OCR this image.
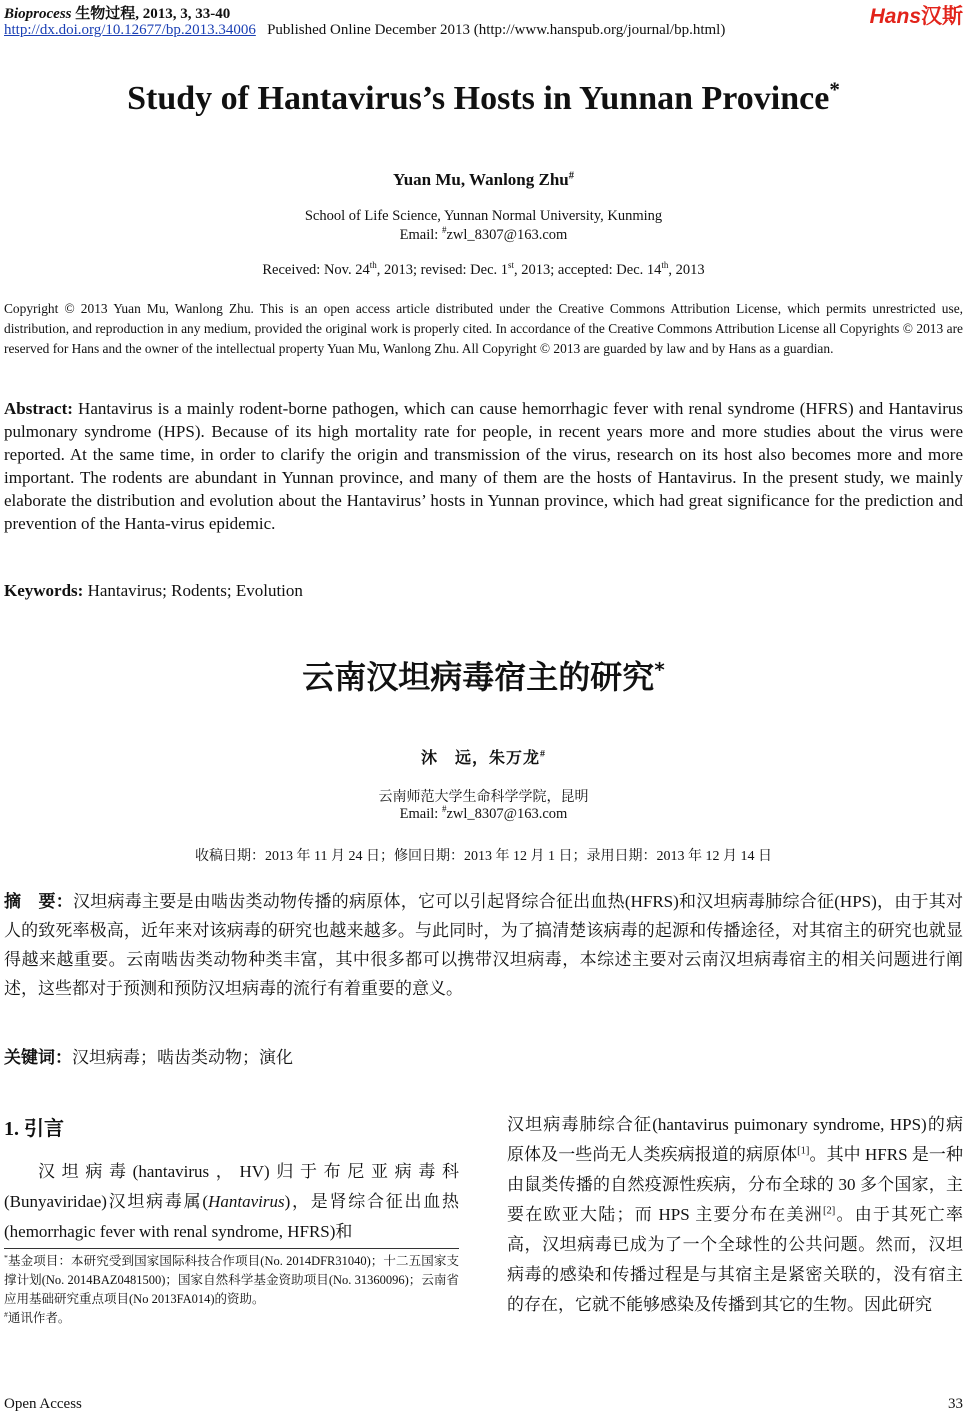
Bioprocess 生物过程, 2013, 3, 33-40
http://dx.doi.org/10.12677/bp.2013.34006 Published Online December 2013 (http://www.hanspub.org/journal/bp.html)
Hans汉斯
Study of Hantavirus’s Hosts in Yunnan Province*
Yuan Mu, Wanlong Zhu#
School of Life Science, Yunnan Normal University, Kunming
Email: #zwl_8307@163.com
Received: Nov. 24th, 2013; revised: Dec. 1st, 2013; accepted: Dec. 14th, 2013
Copyright © 2013 Yuan Mu, Wanlong Zhu. This is an open access article distributed under the Creative Commons Attribution License, which permits unrestricted use, distribution, and reproduction in any medium, provided the original work is properly cited. In accordance of the Creative Commons Attribution License all Copyrights © 2013 are reserved for Hans and the owner of the intellectual property Yuan Mu, Wanlong Zhu. All Copyright © 2013 are guarded by law and by Hans as a guardian.
Abstract: Hantavirus is a mainly rodent-borne pathogen, which can cause hemorrhagic fever with renal syndrome (HFRS) and Hantavirus pulmonary syndrome (HPS). Because of its high mortality rate for people, in recent years more and more studies about the virus were reported. At the same time, in order to clarify the origin and transmission of the virus, research on its host also becomes more and more important. The rodents are abundant in Yunnan province, and many of them are the hosts of Hantavirus. In the present study, we mainly elaborate the distribution and evolution about the Hantavirus’ hosts in Yunnan province, which had great significance for the prediction and prevention of the Hanta-virus epidemic.
Keywords: Hantavirus; Rodents; Evolution
云南汉坦病毒宿主的研究*
沐　远，朱万龙#
云南师范大学生命科学学院，昆明
Email: #zwl_8307@163.com
收稿日期：2013 年 11 月 24 日；修回日期：2013 年 12 月 1 日；录用日期：2013 年 12 月 14 日
摘　要：汉坦病毒主要是由啮齿类动物传播的病原体，它可以引起肾综合征出血热(HFRS)和汉坦病毒肺综合征(HPS)，由于其对人的致死率极高，近年来对该病毒的研究也越来越多。与此同时，为了搞清楚该病毒的起源和传播途径，对其宿主的研究也就显得越来越重要。云南啮齿类动物种类丰富，其中很多都可以携带汉坦病毒，本综述主要对云南汉坦病毒宿主的相关问题进行阐述，这些都对于预测和预防汉坦病毒的流行有着重要的意义。
关键词：汉坦病毒；啮齿类动物；演化
1. 引言
汉坦病毒(hantavirus，HV)归于布尼亚病毒科(Bunyaviridae)汉坦病毒属(Hantavirus)，是肾综合征出血热(hemorrhagic fever with renal syndrome, HFRS)和
*基金项目：本研究受到国家国际科技合作项目(No. 2014DFR31040)；十二五国家支撑计划(No. 2014BAZ0481500)；国家自然科学基金资助项目(No. 31360096)；云南省应用基础研究重点项目(No 2013FA014)的资助。
#通讯作者。
汉坦病毒肺综合征(hantavirus puimonary syndrome, HPS)的病原体及一些尚无人类疾病报道的病原体[1]。其中 HFRS 是一种由鼠类传播的自然疫源性疾病，分布全球的 30 多个国家，主要在欧亚大陆；而 HPS 主要分布在美洲[2]。由于其死亡率高，汉坦病毒已成为了一个全球性的公共问题。然而，汉坦病毒的感染和传播过程是与其宿主是紧密关联的，没有宿主的存在，它就不能够感染及传播到其它的生物。因此研究
Open Access	33
